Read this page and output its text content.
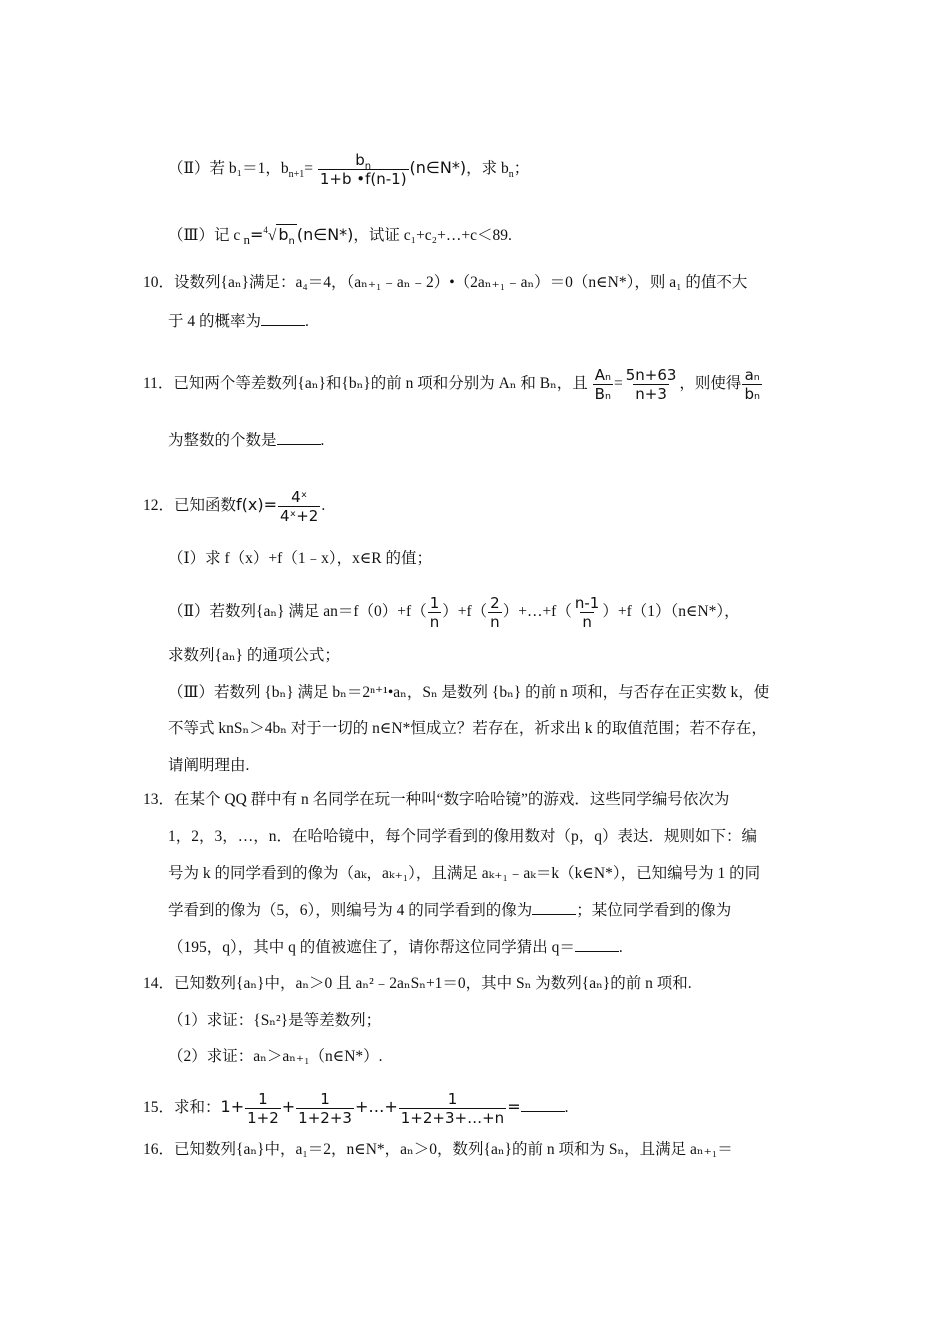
（Ⅱ）若 b₁＝1，$b_{n+1}= \frac{b_n}{1+b •f(n-1)}$ (n∈N*)，求 $b_n$；
（Ⅲ）记 c $_n$=$^4$√ $b_n$ (n∈N*)，试证 c₁+c₂+…+c＜89.
10．设数列{aₙ}满足：a₄＝4，（aₙ₊₁﹣aₙ﹣2）•（2aₙ₊₁﹣aₙ）＝0（n∈N*），则 a₁ 的值不大
于 4 的概率为	.
11．已知两个等差数列{aₙ}和{bₙ}的前 n 项和分别为 Aₙ 和 Bₙ，且 $\frac{\text{Aₙ}}{\text{Bₙ}} = \frac{5n+63}{n+3}$ ，则使得 $\frac{\text{aₙ}}{\text{bₙ}}$
为整数的个数是	.
12．已知函数$f(x)= \frac{\text{4ˣ}}{\text{4ˣ+2}}$ .
（Ⅰ）求 f（x）+f（1﹣x），x∈R 的值；
（Ⅱ）若数列{aₙ} 满足 $an=f(0)+f( \frac{1}{n} )+f( \frac{2}{n}$ ）+…+f（ $\frac{n-1}{n}$ ）+f（1）（n∈N*），
求数列{aₙ} 的通项公式；
（Ⅲ）若数列 {bₙ} 满足 bₙ＝2ⁿ⁺¹•aₙ，Sₙ 是数列 {bₙ} 的前 n 项和，与否存在正实数 k，使
不等式 knSₙ＞4bₙ 对于一切的 n∈N*恒成立？若存在，祈求出 k 的取值范围；若不存在，
请阐明理由.
13．在某个 QQ 群中有 n 名同学在玩一种叫“数字哈哈镜”的游戏．这些同学编号依次为
1，2，3，…，n．在哈哈镜中，每个同学看到的像用数对（p，q）表达．规则如下：编
号为 k 的同学看到的像为（aₖ，aₖ₊₁），且满足 aₖ₊₁﹣aₖ＝k（k∈N*），已知编号为 1 的同
学看到的像为（5，6），则编号为 4 的同学看到的像为	；某位同学看到的像为
（195，q），其中 q 的值被遮住了，请你帮这位同学猜出 q＝	.
14．已知数列{aₙ}中，aₙ＞0 且 aₙ²﹣2aₙSₙ+1＝0，其中 Sₙ 为数列{aₙ}的前 n 项和.
（1）求证：{Sₙ²}是等差数列；
（2）求证：aₙ＞aₙ₊₁（n∈N*）.
15．求和：$1+ \frac{1}{1+2} + \frac{1}{1+2+3}$ +…+ $\frac{1}{1+2+3+\dots+n}$ =	.
16．已知数列{aₙ}中，a₁＝2，n∈N*，aₙ＞0，数列{aₙ}的前 n 项和为 Sₙ，且满足 aₙ₊₁＝
